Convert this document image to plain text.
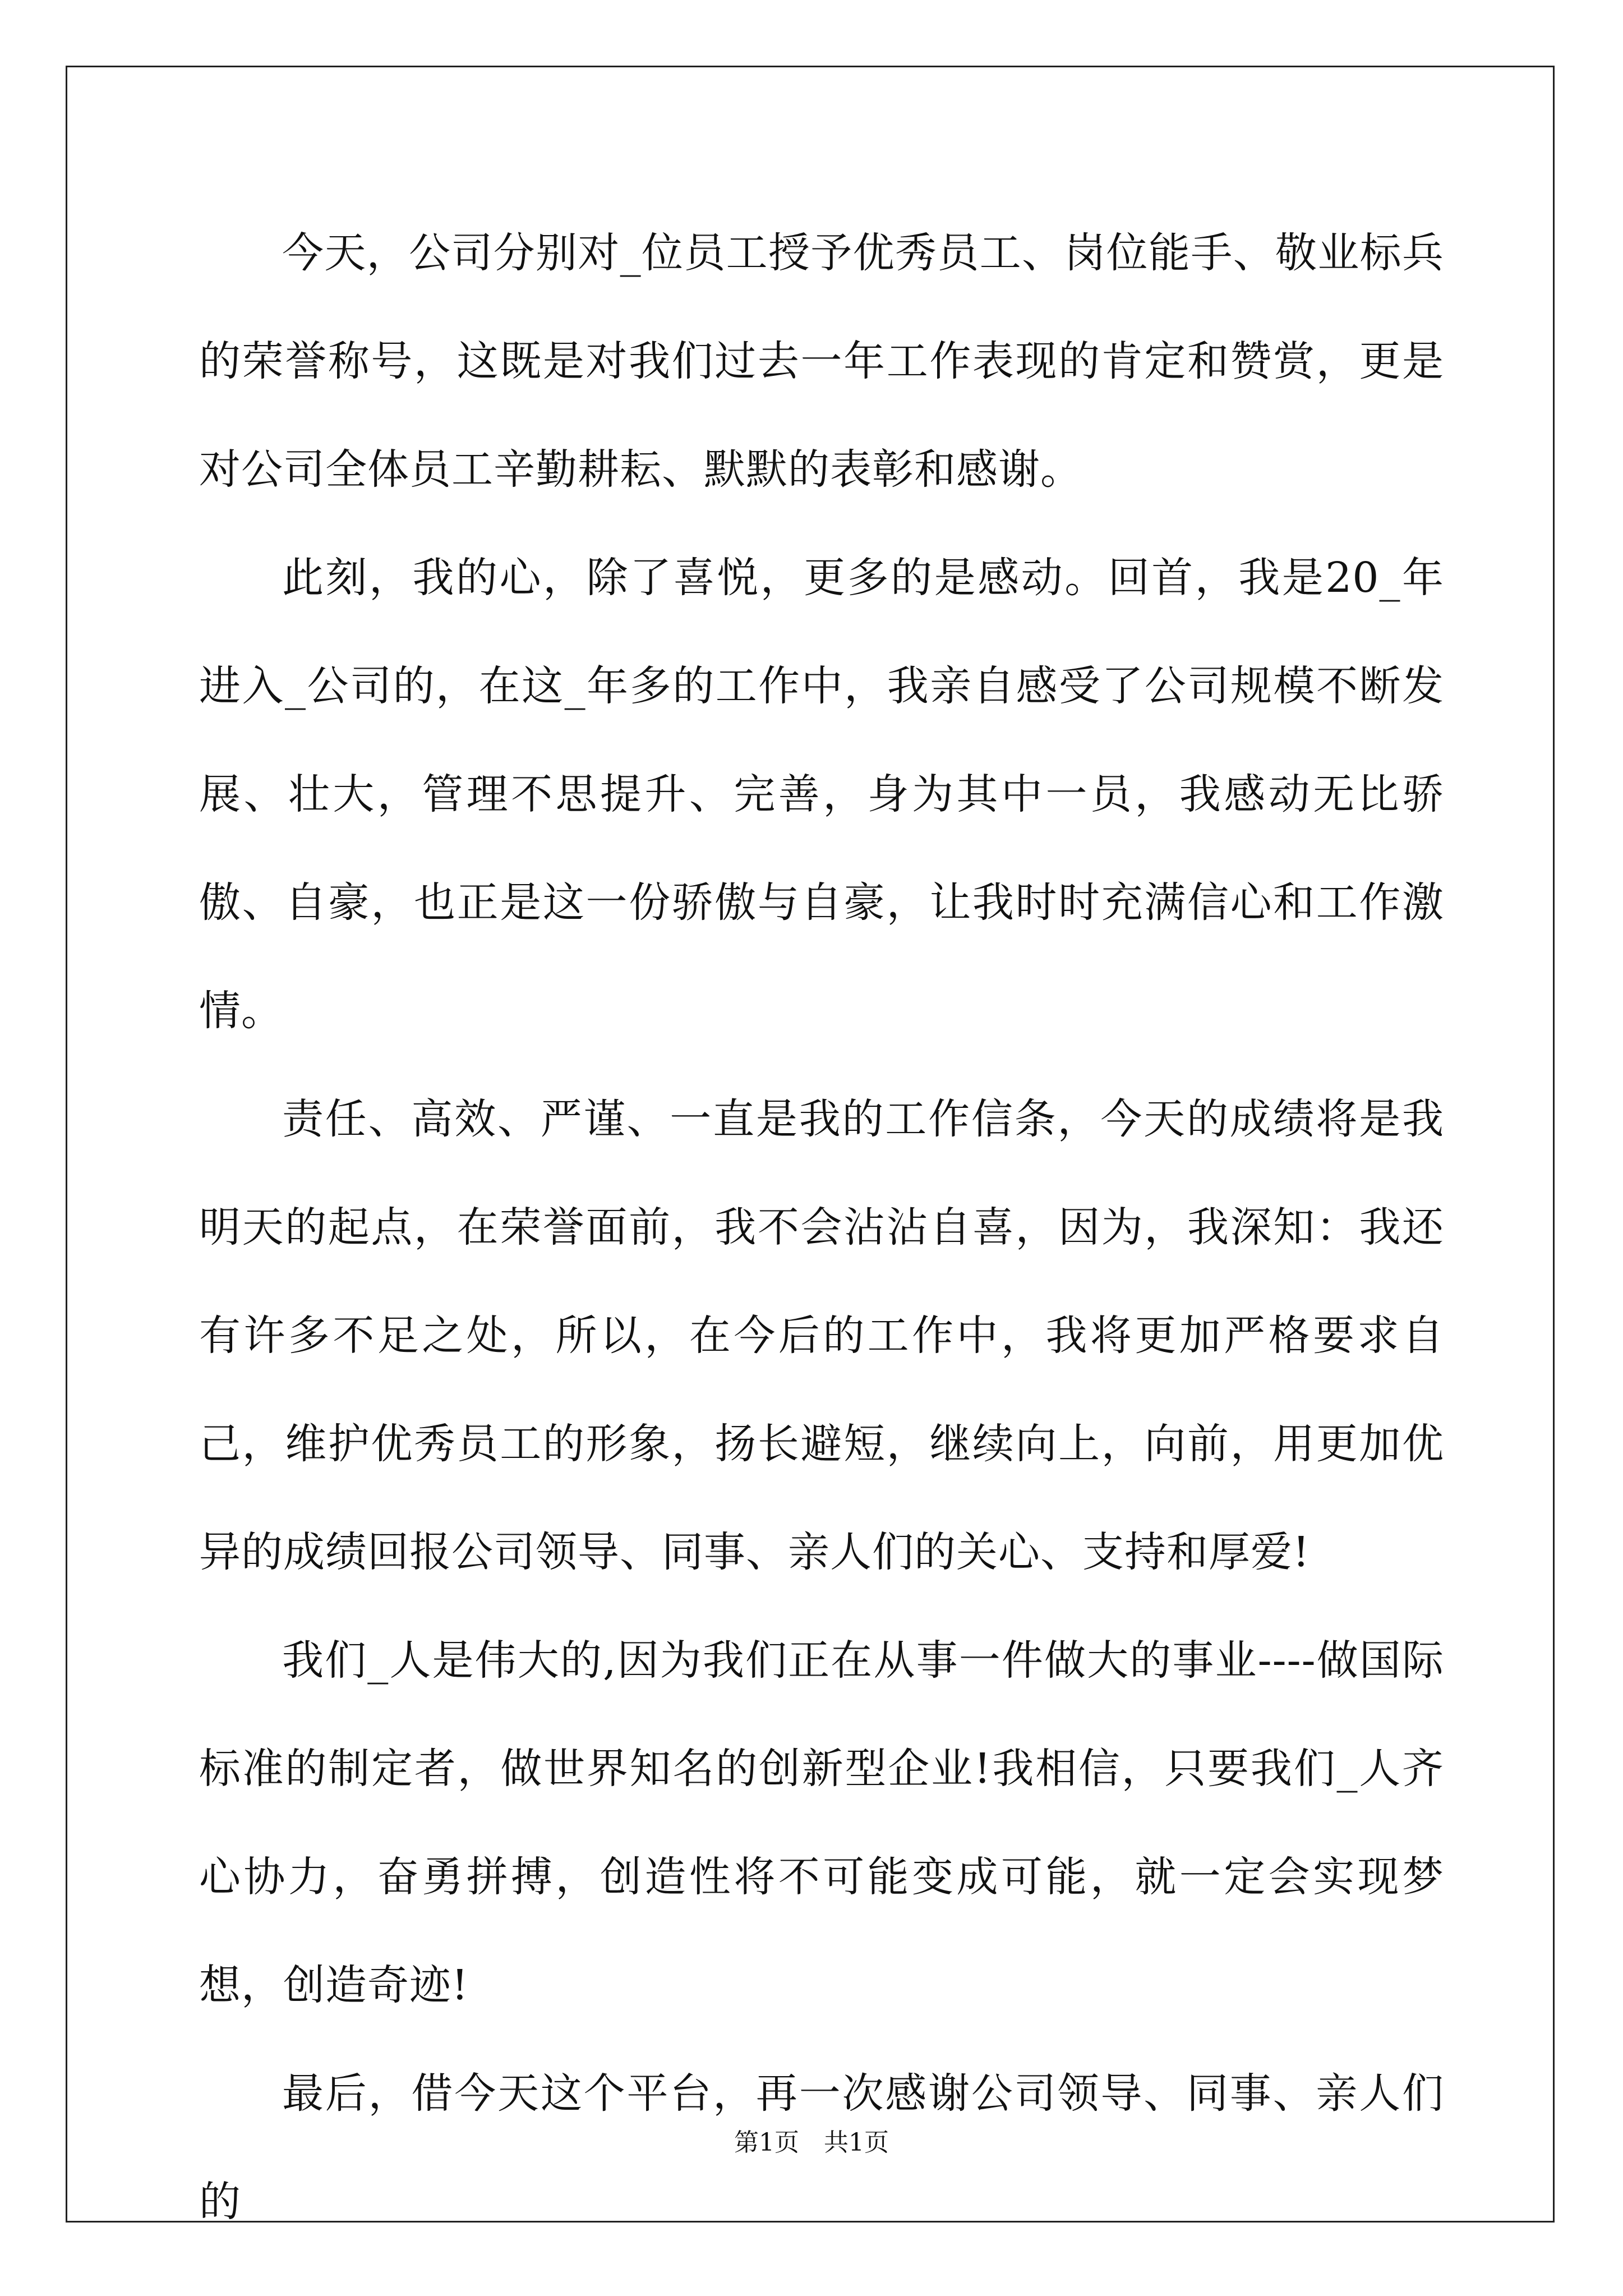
今天，公司分别对_位员工授予优秀员工、岗位能手、敬业标兵的荣誉称号，这既是对我们过去一年工作表现的肯定和赞赏，更是对公司全体员工辛勤耕耘、默默的表彰和感谢。

此刻，我的心，除了喜悦，更多的是感动。回首，我是20_年进入_公司的，在这_年多的工作中，我亲自感受了公司规模不断发展、壮大，管理不思提升、完善，身为其中一员，我感动无比骄傲、自豪，也正是这一份骄傲与自豪，让我时时充满信心和工作激情。

责任、高效、严谨、一直是我的工作信条，今天的成绩将是我明天的起点，在荣誉面前，我不会沾沾自喜，因为，我深知：我还有许多不足之处，所以，在今后的工作中，我将更加严格要求自己，维护优秀员工的形象，扬长避短，继续向上，向前，用更加优异的成绩回报公司领导、同事、亲人们的关心、支持和厚爱!

我们_人是伟大的,因为我们正在从事一件做大的事业----做国际标准的制定者，做世界知名的创新型企业!我相信，只要我们_人齐心协力，奋勇拼搏，创造性将不可能变成可能，就一定会实现梦想，创造奇迹!

最后，借今天这个平台，再一次感谢公司领导、同事、亲人们的

第1页　共1页
